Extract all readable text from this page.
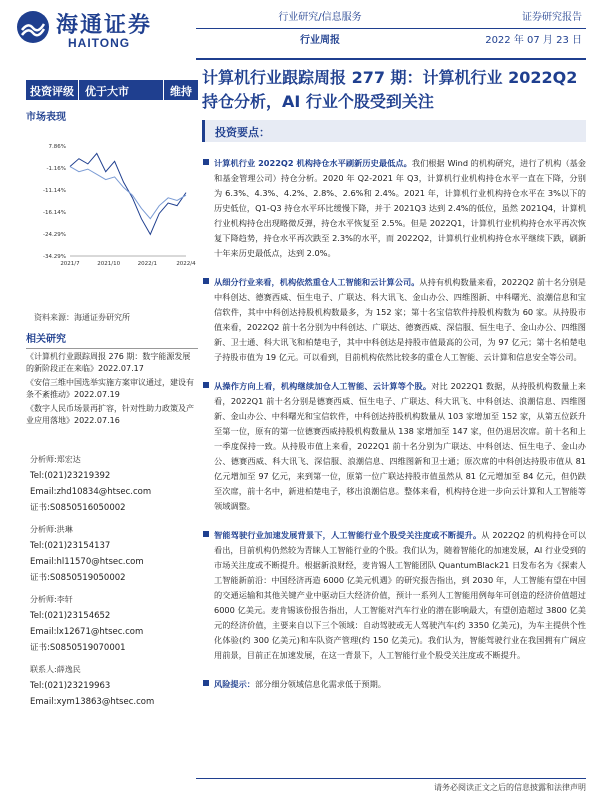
海通证券
HAITONG
行业研究/信息服务
行业周报
证券研究报告
2022 年 07 月 23 日
投资评级	优于大市	维持
市场表现
7.86%
-1.16%
-11.14%
-16.14%
-24.29%
-34.29%
2021/7	2021/10	2022/1	2022/4
资料来源：海通证券研究所
相关研究
《计算机行业跟踪周报 276 期：数字能源发展的新阶段正在来临》2022.07.17
《安信三维中国选举实施方案审议通过，建设有条不紊推动》2022.07.19
《数字人民币场景再扩容，针对性助力政策及产业应用落地》2022.07.16
分析师:郑宏达
Tel:(021)23219392
Email:zhd10834@htsec.com
证书:S0850516050002
分析师:洪琳
Tel:(021)23154137
Email:hl11570@htsec.com
证书:S0850519050002
分析师:李轩
Tel:(021)23154652
Email:lx12671@htsec.com
证书:S0850519070001
联系人:薛逸民
Tel:(021)23219963
Email:xym13863@htsec.com
计算机行业跟踪周报 277 期：计算机行业 2022Q2 持仓分析，AI 行业个股受到关注
投资要点：
计算机行业 2022Q2 机构持仓水平刷新历史最低点。我们根据 Wind 的机构研究，进行了机构（基金和基金管理公司）持仓分析。2020 年 Q2-2021 年 Q3，计算机行业机构持仓水平一直在下降，分别为 6.3%、4.3%、4.2%、2.8%、2.6%和 2.4%。2021 年，计算机行业机构持仓水平在 3%以下的历史低位，Q1-Q3 持仓水平环比缓慢下降，并于 2021Q3 达到 2.4%的低位，虽然 2021Q4，计算机行业机构持仓出现略微反弹，持仓水平恢复至 2.5%。但是 2022Q1，计算机行业机构持仓水平再次恢复下降趋势，持仓水平再次跌至 2.3%的水平，而 2022Q2，计算机行业机构持仓水平继续下跌，刷新十年来历史最低点，达到 2.0%。
从细分行业来看，机构依然重仓人工智能和云计算公司。从持有机构数量来看，2022Q2 前十名分别是中科创达、德赛西威、恒生电子、广联达、科大讯飞、金山办公、四维图新、中科曙光、浪潮信息和宝信软件，其中中科创达持股机构数最多，为 152 家；第十名宝信软件持股机构数为 60 家。从持股市值来看，2022Q2 前十名分别为中科创达、广联达、德赛西威、深信服、恒生电子、金山办公、四维图新、卫士通、科大讯飞和柏楚电子，其中中科创达是持股市值最高的公司，为 97 亿元；第十名柏楚电子持股市值为 19 亿元。可以看到，目前机构依然比较多的重仓人工智能、云计算和信息安全等公司。
从操作方向上看，机构继续加仓人工智能、云计算等个股。对比 2022Q1 数据，从持股机构数量上来看，2022Q1 前十名分别是德赛西威、恒生电子、广联达、科大讯飞、中科创达、浪潮信息、四维图新、金山办公、中科曙光和宝信软件，中科创达持股机构数量从 103 家增加至 152 家，从第五位跃升至第一位，原有的第一位德赛西威持股机构数量从 138 家增加至 147 家，但仍退居次席。前十名和上一季度保持一致。从持股市值上来看，2022Q1 前十名分别为广联达、中科创达、恒生电子、金山办公、德赛西威、科大讯飞、深信服、浪潮信息、四维图新和卫士通；原次席的中科创达持股市值从 81 亿元增加至 97 亿元，来到第一位，原第一位广联达持股市值虽然从 81 亿元增加至 84 亿元，但仍跌至次席，前十名中，新进柏楚电子，移出浪潮信息。整体来看，机构持仓进一步向云计算和人工智能等领域调整。
智能驾驶行业加速发展背景下，人工智能行业个股受关注度或不断提升。从 2022Q2 的机构持仓可以看出，目前机构仍然较为青睐人工智能行业的个股。我们认为，随着智能化的加速发展，AI 行业受到的市场关注度或不断提升。根据新浪财经，麦肯锡人工智能团队 QuantumBlack21 日发布名为《探索人工智能新前沿：中国经济再造 6000 亿美元机遇》的研究报告指出，到 2030 年，人工智能有望在中国的交通运输和其他关键产业中驱动巨大经济价值，预计一系列人工智能用例每年可创造的经济价值超过 6000 亿美元。麦肯锡该份报告指出，人工智能对汽车行业的潜在影响最大，有望创造超过 3800 亿美元的经济价值，主要来自以下三个领域：自动驾驶或无人驾驶汽车(约 3350 亿美元)，为车主提供个性化体验(约 300 亿美元)和车队资产管理(约 150 亿美元)。我们认为，智能驾驶行业在我国拥有广阔应用前景，目前正在加速发展，在这一背景下，人工智能行业个股受关注度或不断提升。
风险提示：部分细分领域信息化需求低于预期。
请务必阅读正文之后的信息披露和法律声明
